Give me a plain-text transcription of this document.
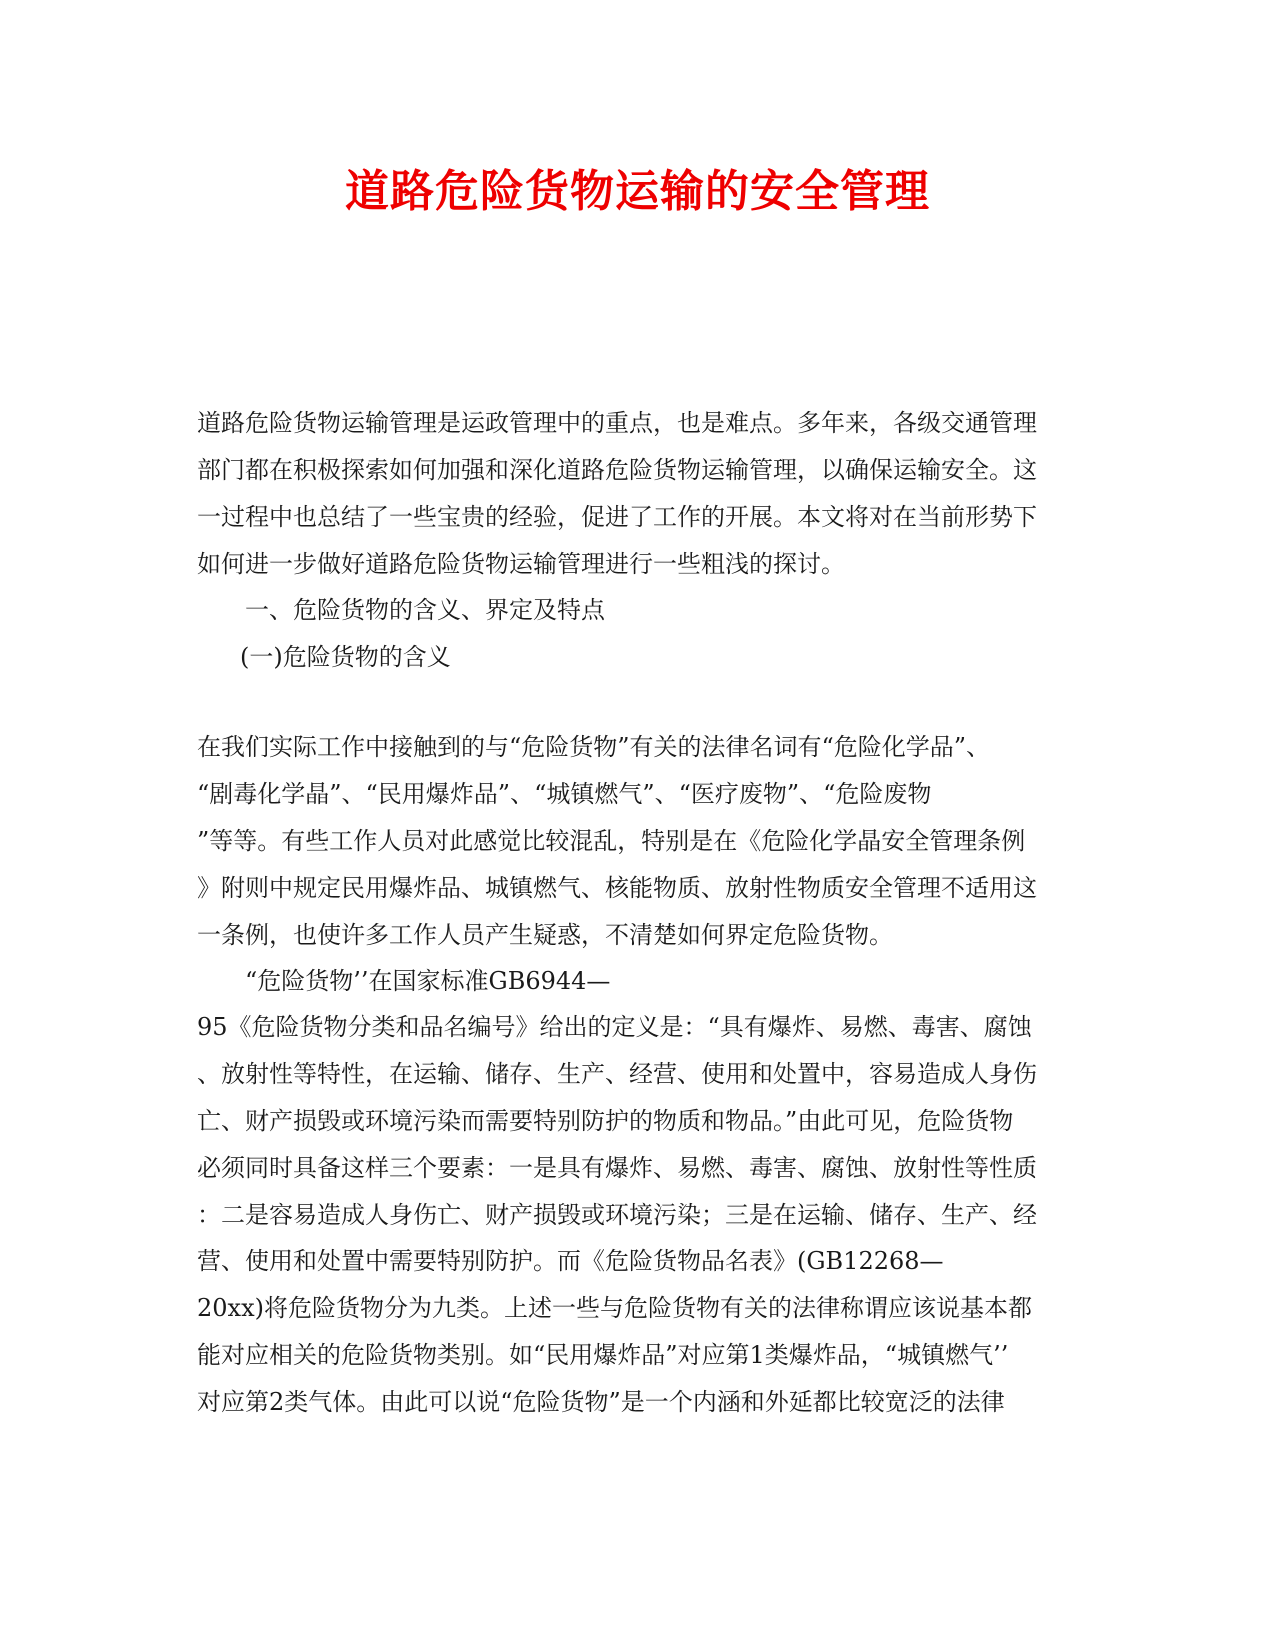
道路危险货物运输的安全管理
道路危险货物运输管理是运政管理中的重点，也是难点。多年来，各级交通管理
部门都在积极探索如何加强和深化道路危险货物运输管理，以确保运输安全。这
一过程中也总结了一些宝贵的经验，促进了工作的开展。本文将对在当前形势下
如何进一步做好道路危险货物运输管理进行一些粗浅的探讨。
一、危险货物的含义、界定及特点
(一)危险货物的含义
在我们实际工作中接触到的与“危险货物”有关的法律名词有“危险化学品”、
“剧毒化学晶”、“民用爆炸品”、“城镇燃气”、“医疗废物”、“危险废物
”等等。有些工作人员对此感觉比较混乱，特别是在《危险化学晶安全管理条例
》附则中规定民用爆炸品、城镇燃气、核能物质、放射性物质安全管理不适用这
一条例，也使许多工作人员产生疑惑，不清楚如何界定危险货物。
“危险货物’’在国家标准GB6944—
95《危险货物分类和品名编号》给出的定义是：“具有爆炸、易燃、毒害、腐蚀
、放射性等特性，在运输、储存、生产、经营、使用和处置中，容易造成人身伤
亡、财产损毁或环境污染而需要特别防护的物质和物品。”由此可见，危险货物
必须同时具备这样三个要素：一是具有爆炸、易燃、毒害、腐蚀、放射性等性质
：二是容易造成人身伤亡、财产损毁或环境污染；三是在运输、储存、生产、经
营、使用和处置中需要特别防护。而《危险货物品名表》(GB12268—
20xx)将危险货物分为九类。上述一些与危险货物有关的法律称谓应该说基本都
能对应相关的危险货物类别。如“民用爆炸品”对应第1类爆炸品，“城镇燃气’’
对应第2类气体。由此可以说“危险货物”是一个内涵和外延都比较宽泛的法律
